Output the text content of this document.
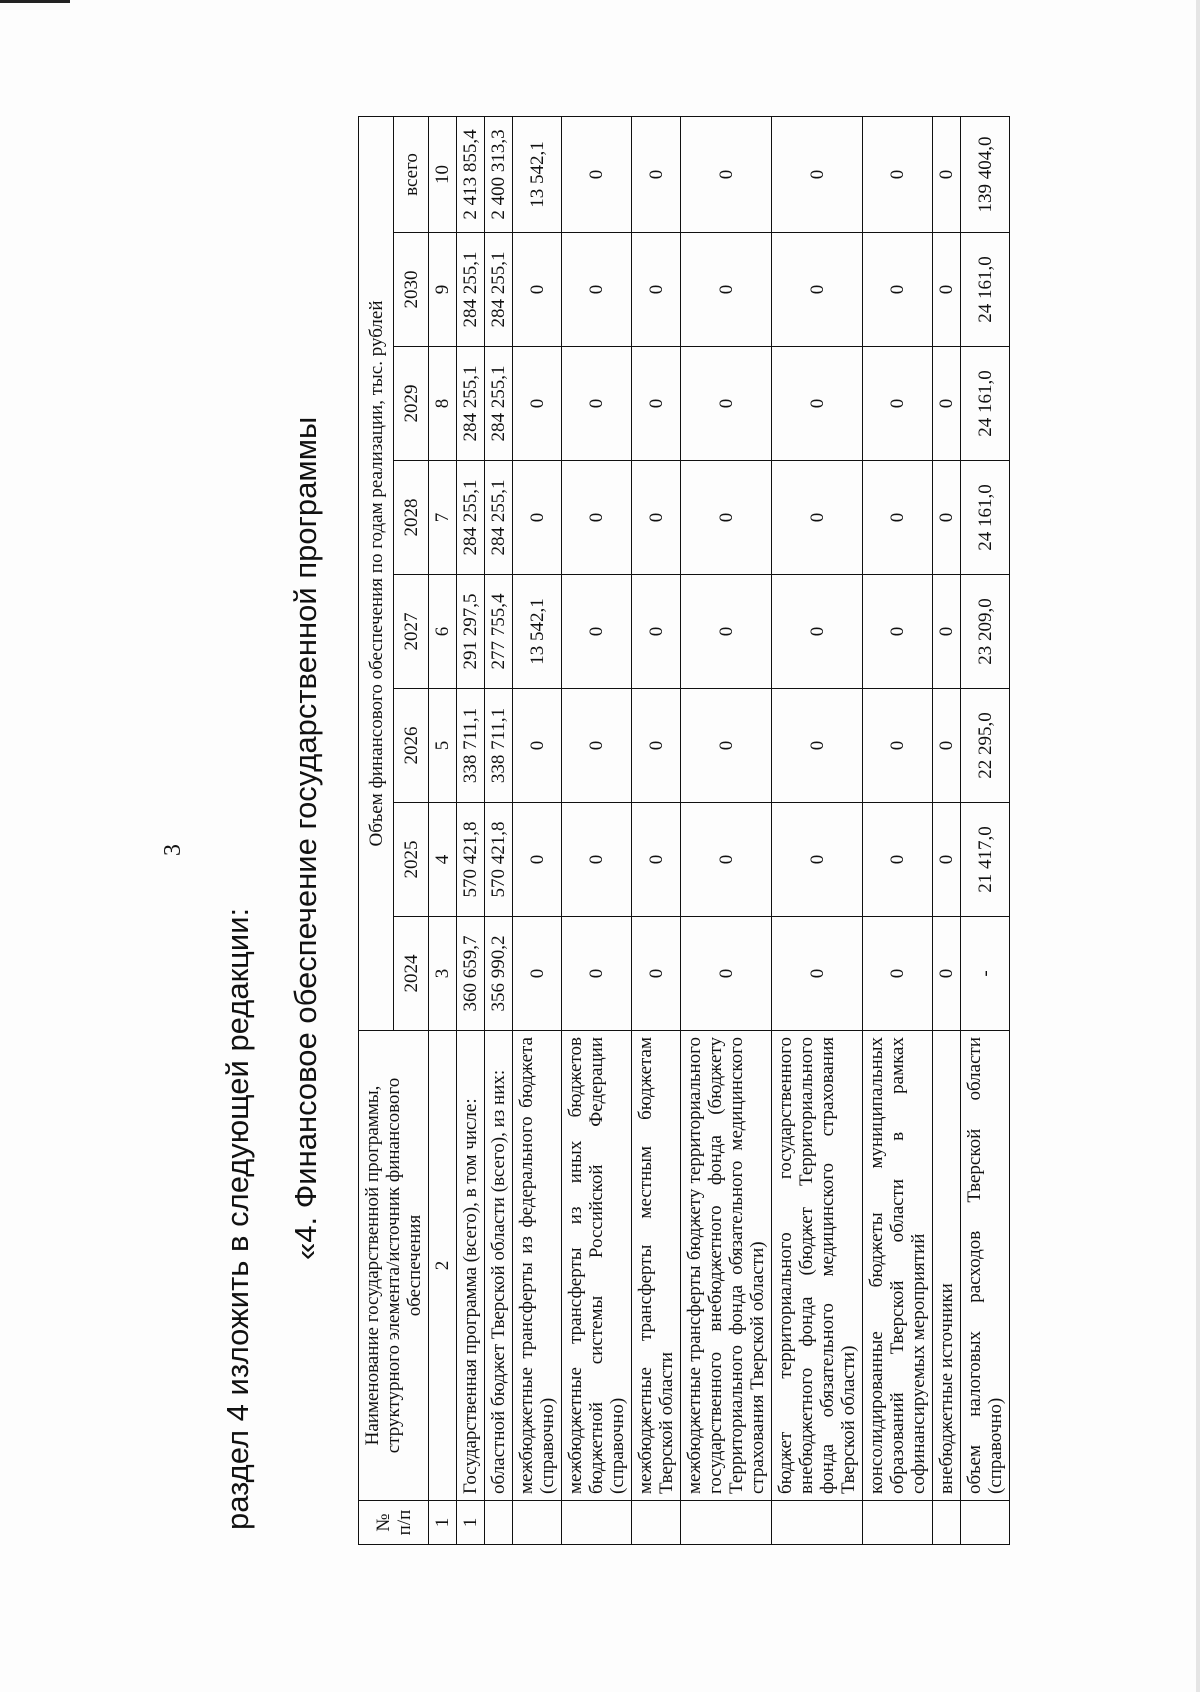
3
раздел 4 изложить в следующей редакции: «4. Финансовое обеспечение государственной программы
№ п/п	Наименование государственной программы, структурного элемента/источник финансового обеспечения	Объем финансового обеспечения по годам реализации, тыс. рублей							
		2024	2025	2026	2027	2028	2029	2030	всего
1	2	3	4	5	6	7	8	9	10
1	Государственная программа (всего), в том числе:	360 659,7	570 421,8	338 711,1	291 297,5	284 255,1	284 255,1	284 255,1	2 413 855,4
	областной бюджет Тверской области (всего), из них:	356 990,2	570 421,8	338 711,1	277 755,4	284 255,1	284 255,1	284 255,1	2 400 313,3
	межбюджетные трансферты из федерального бюджета (справочно)	0	0	0	13 542,1	0	0	0	13 542,1
	межбюджетные трансферты из иных бюджетов бюджетной системы Российской Федерации (справочно)	0	0	0	0	0	0	0	0
	межбюджетные трансферты местным бюджетам Тверской области	0	0	0	0	0	0	0	0
	межбюджетные трансферты бюджету территориального государственного внебюджетного фонда (бюджету Территориального фонда обязательного медицинского страхования Тверской области)	0	0	0	0	0	0	0	0
	бюджет территориального государственного внебюджетного фонда (бюджет Территориального фонда обязательного медицинского страхования Тверской области)	0	0	0	0	0	0	0	0
	консолидированные бюджеты муниципальных образований Тверской области в рамках софинансируемых мероприятий	0	0	0	0	0	0	0	0
	внебюджетные источники	0	0	0	0	0	0	0	0
	объем налоговых расходов Тверской области (справочно)	-	21 417,0	22 295,0	23 209,0	24 161,0	24 161,0	24 161,0	139 404,0
